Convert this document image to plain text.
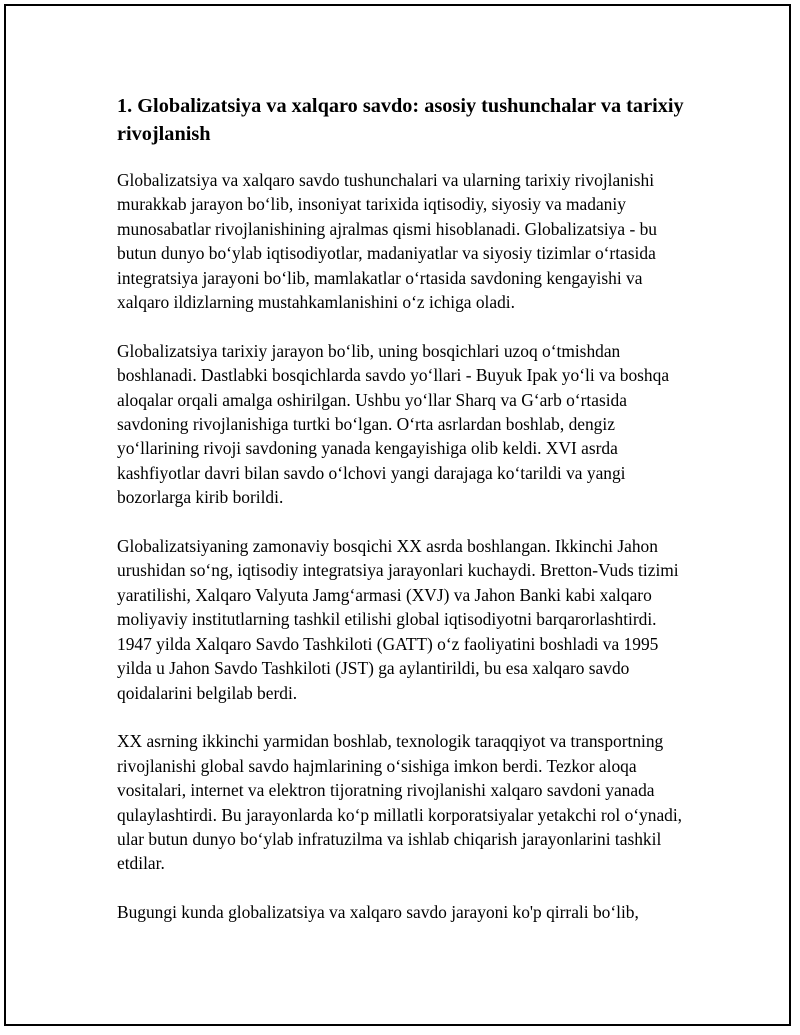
1. Globalizatsiya va xalqaro savdo: asosiy tushunchalar va tarixiy rivojlanish

Globalizatsiya va xalqaro savdo tushunchalari va ularning tarixiy rivojlanishi murakkab jarayon bo‘lib, insoniyat tarixida iqtisodiy, siyosiy va madaniy munosabatlar rivojlanishining ajralmas qismi hisoblanadi. Globalizatsiya - bu butun dunyo bo‘ylab iqtisodiyotlar, madaniyatlar va siyosiy tizimlar o‘rtasida integratsiya jarayoni bo‘lib, mamlakatlar o‘rtasida savdoning kengayishi va xalqaro ildizlarning mustahkamlanishini o‘z ichiga oladi.

Globalizatsiya tarixiy jarayon bo‘lib, uning bosqichlari uzoq o‘tmishdan boshlanadi. Dastlabki bosqichlarda savdo yo‘llari - Buyuk Ipak yo‘li va boshqa aloqalar orqali amalga oshirilgan. Ushbu yo‘llar Sharq va G‘arb o‘rtasida savdoning rivojlanishiga turtki bo‘lgan. O‘rta asrlardan boshlab, dengiz yo‘llarining rivoji savdoning yanada kengayishiga olib keldi. XVI asrda kashfiyotlar davri bilan savdo o‘lchovi yangi darajaga ko‘tarildi va yangi bozorlarga kirib borildi.

Globalizatsiyaning zamonaviy bosqichi XX asrda boshlangan. Ikkinchi Jahon urushidan so‘ng, iqtisodiy integratsiya jarayonlari kuchaydi. Bretton-Vuds tizimi yaratilishi, Xalqaro Valyuta Jamg‘armasi (XVJ) va Jahon Banki kabi xalqaro moliyaviy institutlarning tashkil etilishi global iqtisodiyotni barqarorlashtirdi. 1947 yilda Xalqaro Savdo Tashkiloti (GATT) o‘z faoliyatini boshladi va 1995 yilda u Jahon Savdo Tashkiloti (JST) ga aylantirildi, bu esa xalqaro savdo qoidalarini belgilab berdi.

XX asrning ikkinchi yarmidan boshlab, texnologik taraqqiyot va transportning rivojlanishi global savdo hajmlarining o‘sishiga imkon berdi. Tezkor aloqa vositalari, internet va elektron tijoratning rivojlanishi xalqaro savdoni yanada qulaylashtirdi. Bu jarayonlarda ko‘p millatli korporatsiyalar yetakchi rol o‘ynadi, ular butun dunyo bo‘ylab infratuzilma va ishlab chiqarish jarayonlarini tashkil etdilar.

Bugungi kunda globalizatsiya va xalqaro savdo jarayoni ko'p qirrali bo‘lib,
